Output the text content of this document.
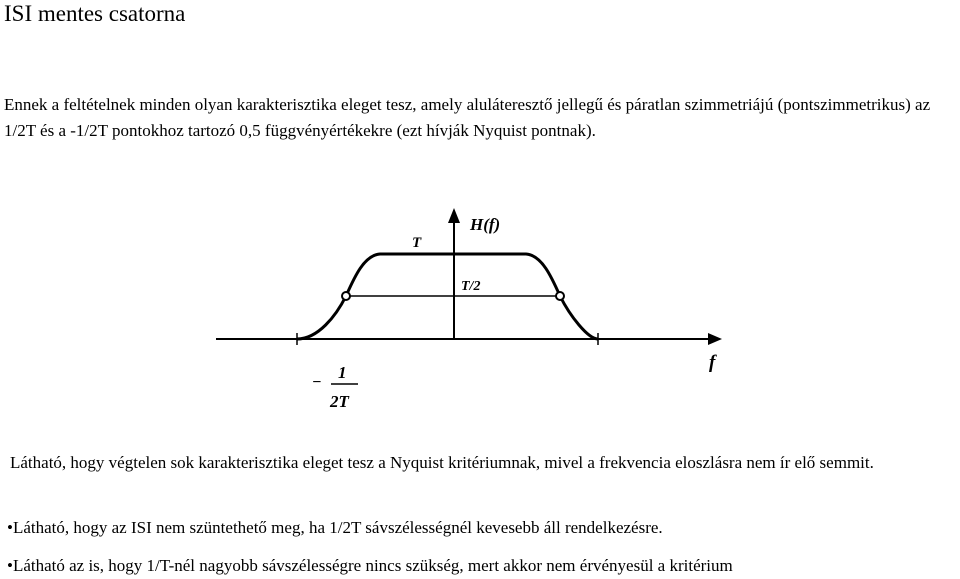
ISI mentes csatorna
Ennek a feltételnek minden olyan karakterisztika eleget tesz, amely aluláteresztő jellegű és páratlan szimmetriájú (pontszimmetrikus) az 1/2T és a -1/2T pontokhoz tartozó 0,5 függvényértékekre (ezt hívják Nyquist pontnak).
H(f)
T
T/2
f
−
1
2T
Látható, hogy végtelen sok karakterisztika eleget tesz a Nyquist kritériumnak, mivel a frekvencia eloszlásra nem ír elő semmit.
•Látható, hogy az ISI nem szüntethető meg, ha 1/2T sávszélességnél kevesebb áll rendelkezésre.
•Látható az is, hogy 1/T-nél nagyobb sávszélességre nincs szükség, mert akkor nem érvényesül a kritérium
